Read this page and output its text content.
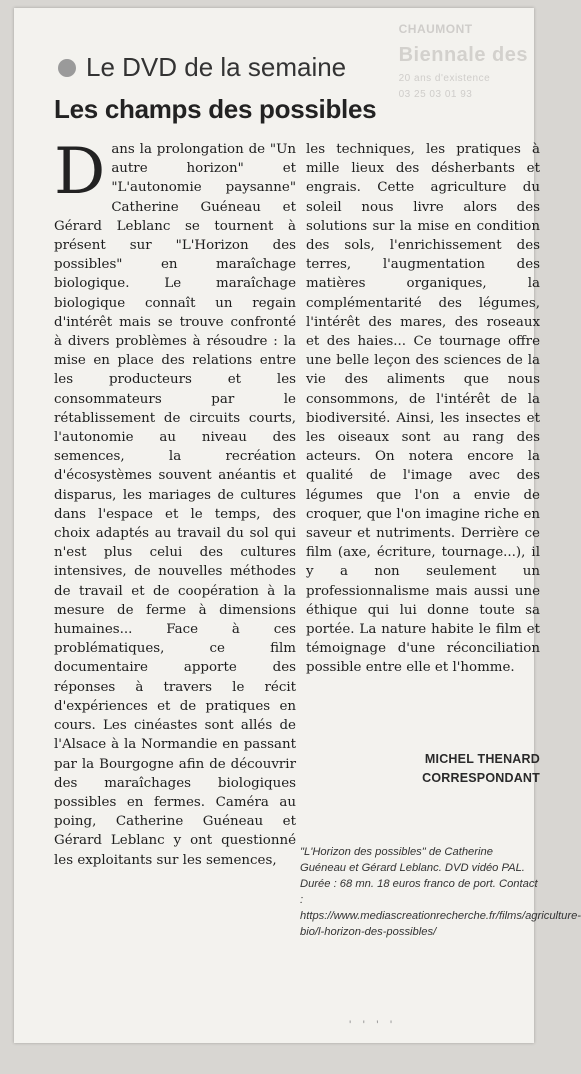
CHAUMONT
Biennale des
20 ans d'existence
03 25 03 01 93
Le DVD de la semaine
Les champs des possibles
D ans la prolongation de "Un autre horizon" et "L'autonomie paysanne" Catherine Guéneau et Gérard Leblanc se tournent à présent sur "L'Horizon des possibles" en maraîchage biologique. Le maraîchage biologique connaît un regain d'intérêt mais se trouve confronté à divers problèmes à résoudre : la mise en place des relations entre les producteurs et les consommateurs par le rétablissement de circuits courts, l'autonomie au niveau des semences, la recréation d'écosystèmes souvent anéantis et disparus, les mariages de cultures dans l'espace et le temps, des choix adaptés au travail du sol qui n'est plus celui des cultures intensives, de nouvelles méthodes de travail et de coopération à la mesure de ferme à dimensions humaines... Face à ces problématiques, ce film documentaire apporte des réponses à travers le récit d'expériences et de pratiques en cours. Les cinéastes sont allés de l'Alsace à la Normandie en passant par la Bourgogne afin de découvrir des maraîchages biologiques possibles en fermes. Caméra au poing, Catherine Guéneau et Gérard Leblanc y ont questionné les exploitants sur les semences,

les techniques, les pratiques à mille lieux des désherbants et engrais. Cette agriculture du soleil nous livre alors des solutions sur la mise en condition des sols, l'enrichissement des terres, l'augmentation des matières organiques, la complémentarité des légumes, l'intérêt des mares, des roseaux et des haies... Ce tournage offre une belle leçon des sciences de la vie des aliments que nous consommons, de l'intérêt de la biodiversité. Ainsi, les insectes et les oiseaux sont au rang des acteurs. On notera encore la qualité de l'image avec des légumes que l'on a envie de croquer, que l'on imagine riche en saveur et nutriments. Derrière ce film (axe, écriture, tournage...), il y a non seulement un professionnalisme mais aussi une éthique qui lui donne toute sa portée. La nature habite le film et témoignage d'une réconciliation possible entre elle et l'homme.

MICHEL THENARD
CORRESPONDANT

"L'Horizon des possibles" de Catherine Guéneau et Gérard Leblanc. DVD vidéo PAL. Durée : 68 mn. 18 euros franco de port. Contact : https://www.mediascreationrecherche.fr/films/agriculture-bio/l-horizon-des-possibles/

' ' ' '
